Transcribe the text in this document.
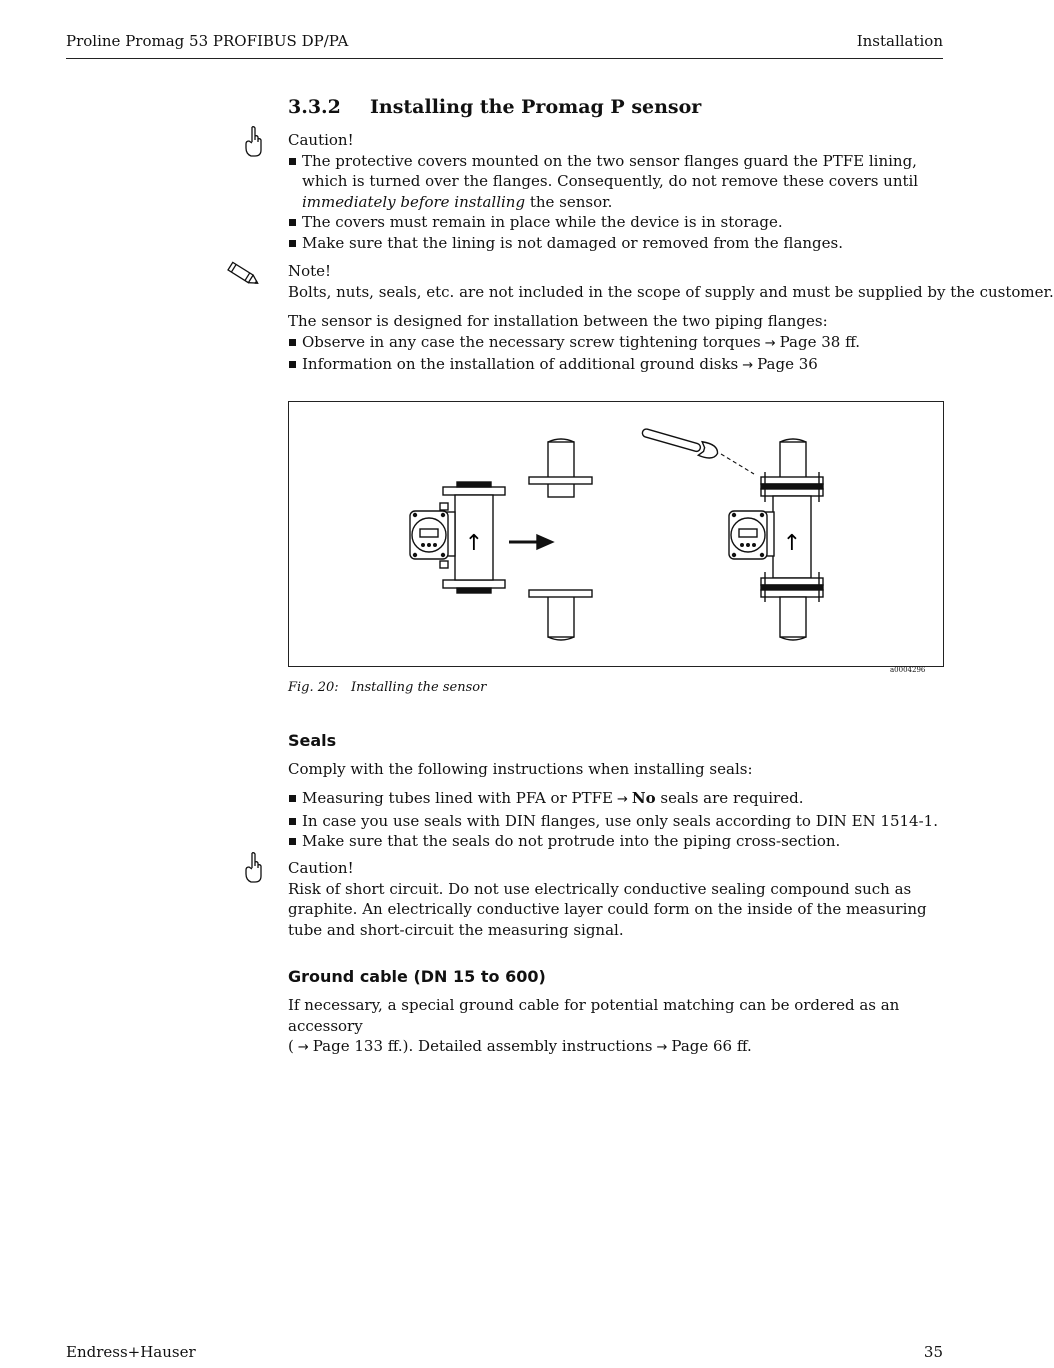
Proline Promag 53 PROFIBUS DP/PA	Installation
3.3.2 Installing the Promag P sensor
Caution!
The protective covers mounted on the two sensor flanges guard the PTFE lining, which is turned over the flanges. Consequently, do not remove these covers until immediately before installing the sensor.
The covers must remain in place while the device is in storage.
Make sure that the lining is not damaged or removed from the flanges.
Note!
Bolts, nuts, seals, etc. are not included in the scope of supply and must be supplied by the customer.
The sensor is designed for installation between the two piping flanges:
Observe in any case the necessary screw tightening torques → Page 38 ff.
Information on the installation of additional ground disks → Page 36
↑	↑
a0004296
Fig. 20: Installing the sensor
Seals
Comply with the following instructions when installing seals:
Measuring tubes lined with PFA or PTFE → No seals are required.
In case you use seals with DIN flanges, use only seals according to DIN EN 1514-1.
Make sure that the seals do not protrude into the piping cross-section.
Caution!
Risk of short circuit. Do not use electrically conductive sealing compound such as graphite. An electrically conductive layer could form on the inside of the measuring tube and short-circuit the measuring signal.
Ground cable (DN 15 to 600)
If necessary, a special ground cable for potential matching can be ordered as an accessory
( → Page 133 ff.). Detailed assembly instructions → Page 66 ff.
Endress+Hauser	35
